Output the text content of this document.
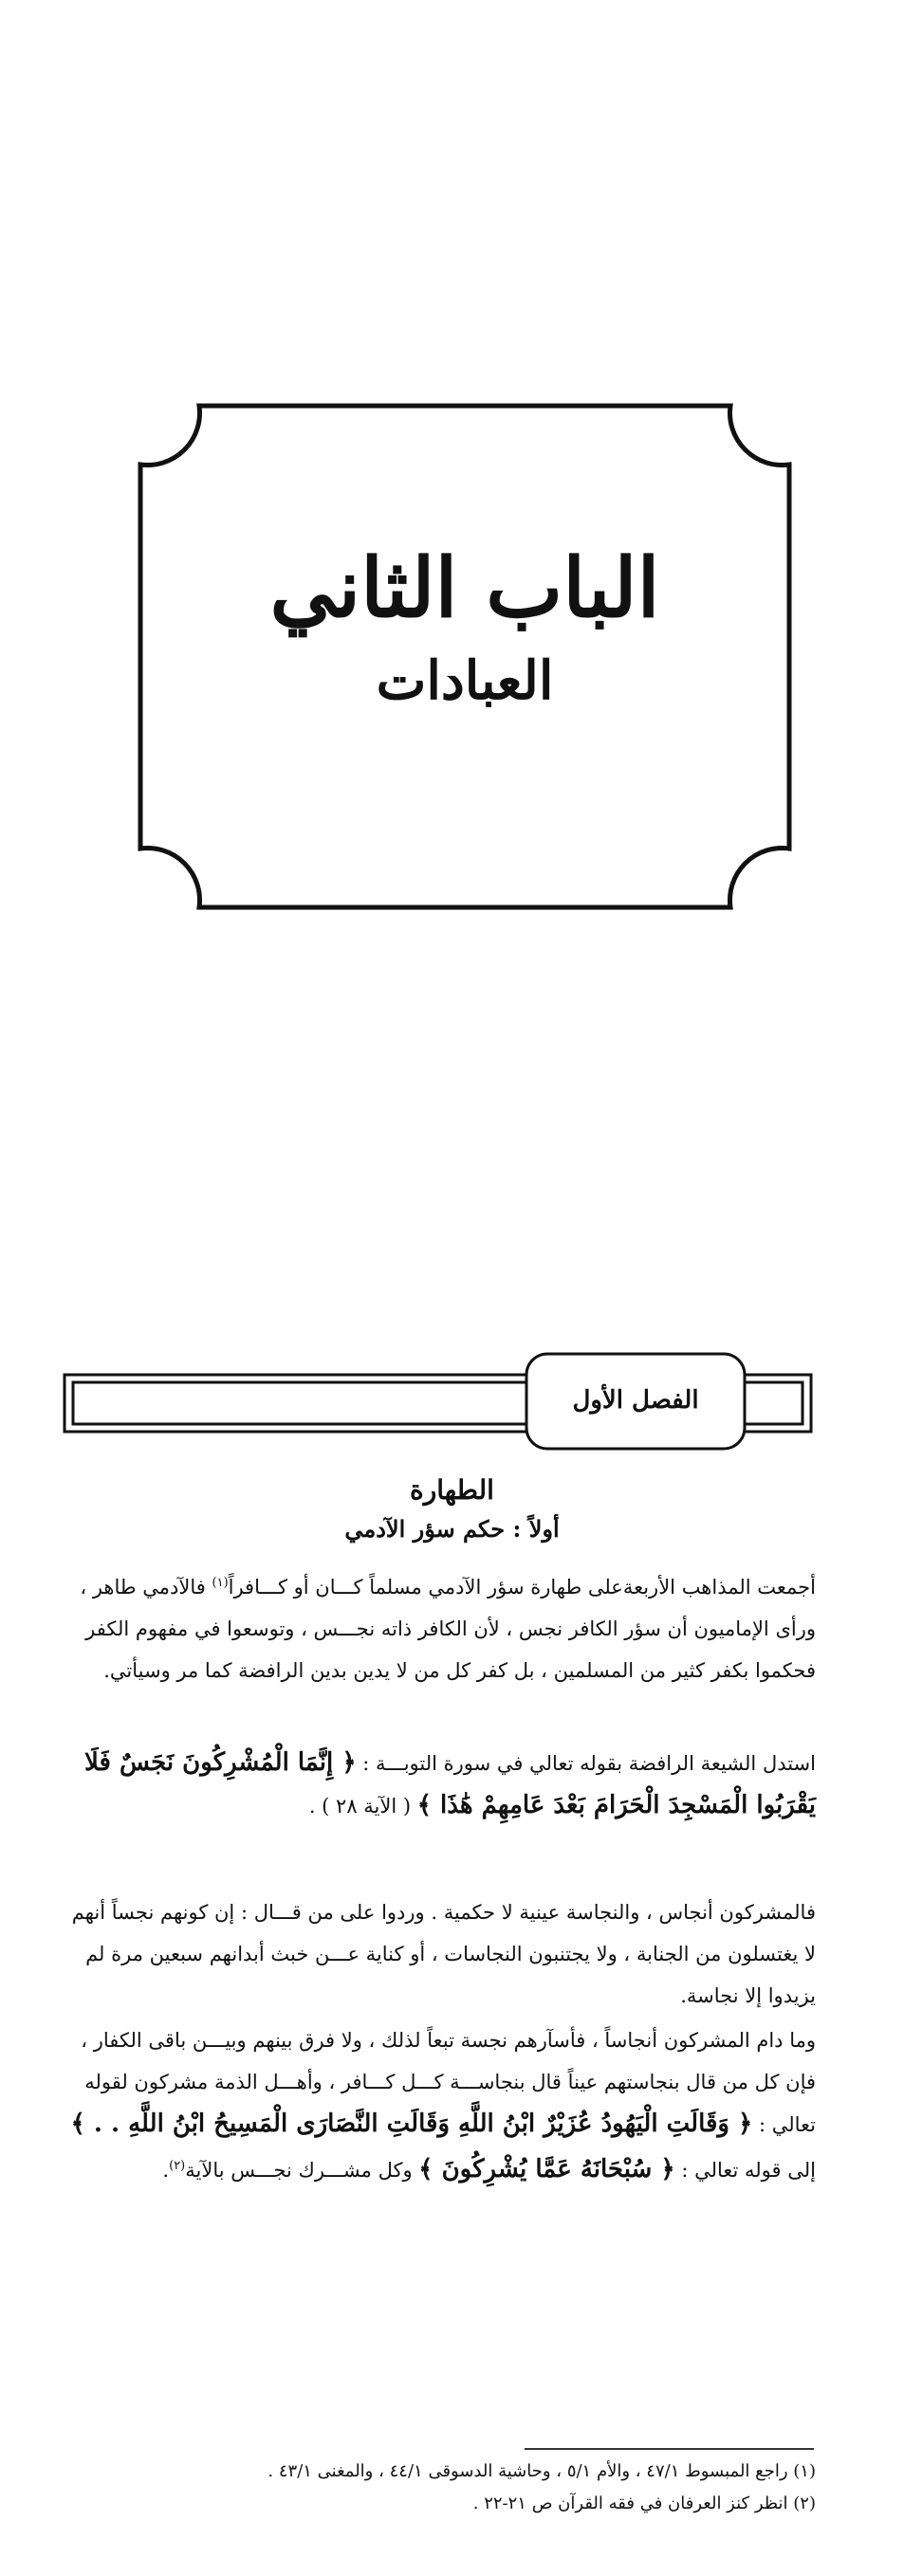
الباب الثاني
العبادات
الفصل الأول
الطهارة
أولاً : حكم سؤر الآدمي

أجمعت المذاهب الأربعةعلى طهارة سؤر الآدمي مسلماً كـــان أو كـــافراً$^{(١)}$ فالآدمي طاهر ، ورأى الإماميون أن سؤر الكافر نجس ، لأن الكافر ذاته نجـــس ، وتوسعوا في مفهوم الكفر فحكموا بكفر كثير من المسلمين ، بل كفر كل من لا يدين بدين الرافضة كما مر وسيأتي.

استدل الشيعة الرافضة بقوله تعالي في سورة التوبـــة : ﴿ إِنَّمَا الْمُشْرِكُونَ نَجَسٌ فَلَا يَقْرَبُوا الْمَسْجِدَ الْحَرَامَ بَعْدَ عَامِهِمْ هَٰذَا ﴾ ( الآية ٢٨ ) .

فالمشركون أنجاس ، والنجاسة عينية لا حكمية . وردوا على من قـــال : إن كونهم نجساً أنهم لا يغتسلون من الجنابة ، ولا يجتنبون النجاسات ، أو كناية عـــن خبث أبدانهم سبعين مرة لم يزيدوا إلا نجاسة.

وما دام المشركون أنجاساً ، فأسآرهم نجسة تبعاً لذلك ، ولا فرق بينهم وبيـــن باقى الكفار ، فإن كل من قال بنجاستهم عيناً قال بنجاســـة كـــل كـــافر ، وأهـــل الذمة مشركون لقوله تعالي : ﴿ وَقَالَتِ الْيَهُودُ عُزَيْرٌ ابْنُ اللَّهِ وَقَالَتِ النَّصَارَى الْمَسِيحُ ابْنُ اللَّهِ . . ﴾ إلى قوله تعالي : ﴿ سُبْحَانَهُ عَمَّا يُشْرِكُونَ ﴾ وكل مشـــرك نجـــس بالآية$^{(٢)}$.

(١) راجع المبسوط ٤٧/١ ، والأم ٥/١ ، وحاشية الدسوقى ٤٤/١ ، والمغنى ٤٣/١ .
(٢) انظر كنز العرفان في فقه القرآن ص ٢١-٢٢ .
